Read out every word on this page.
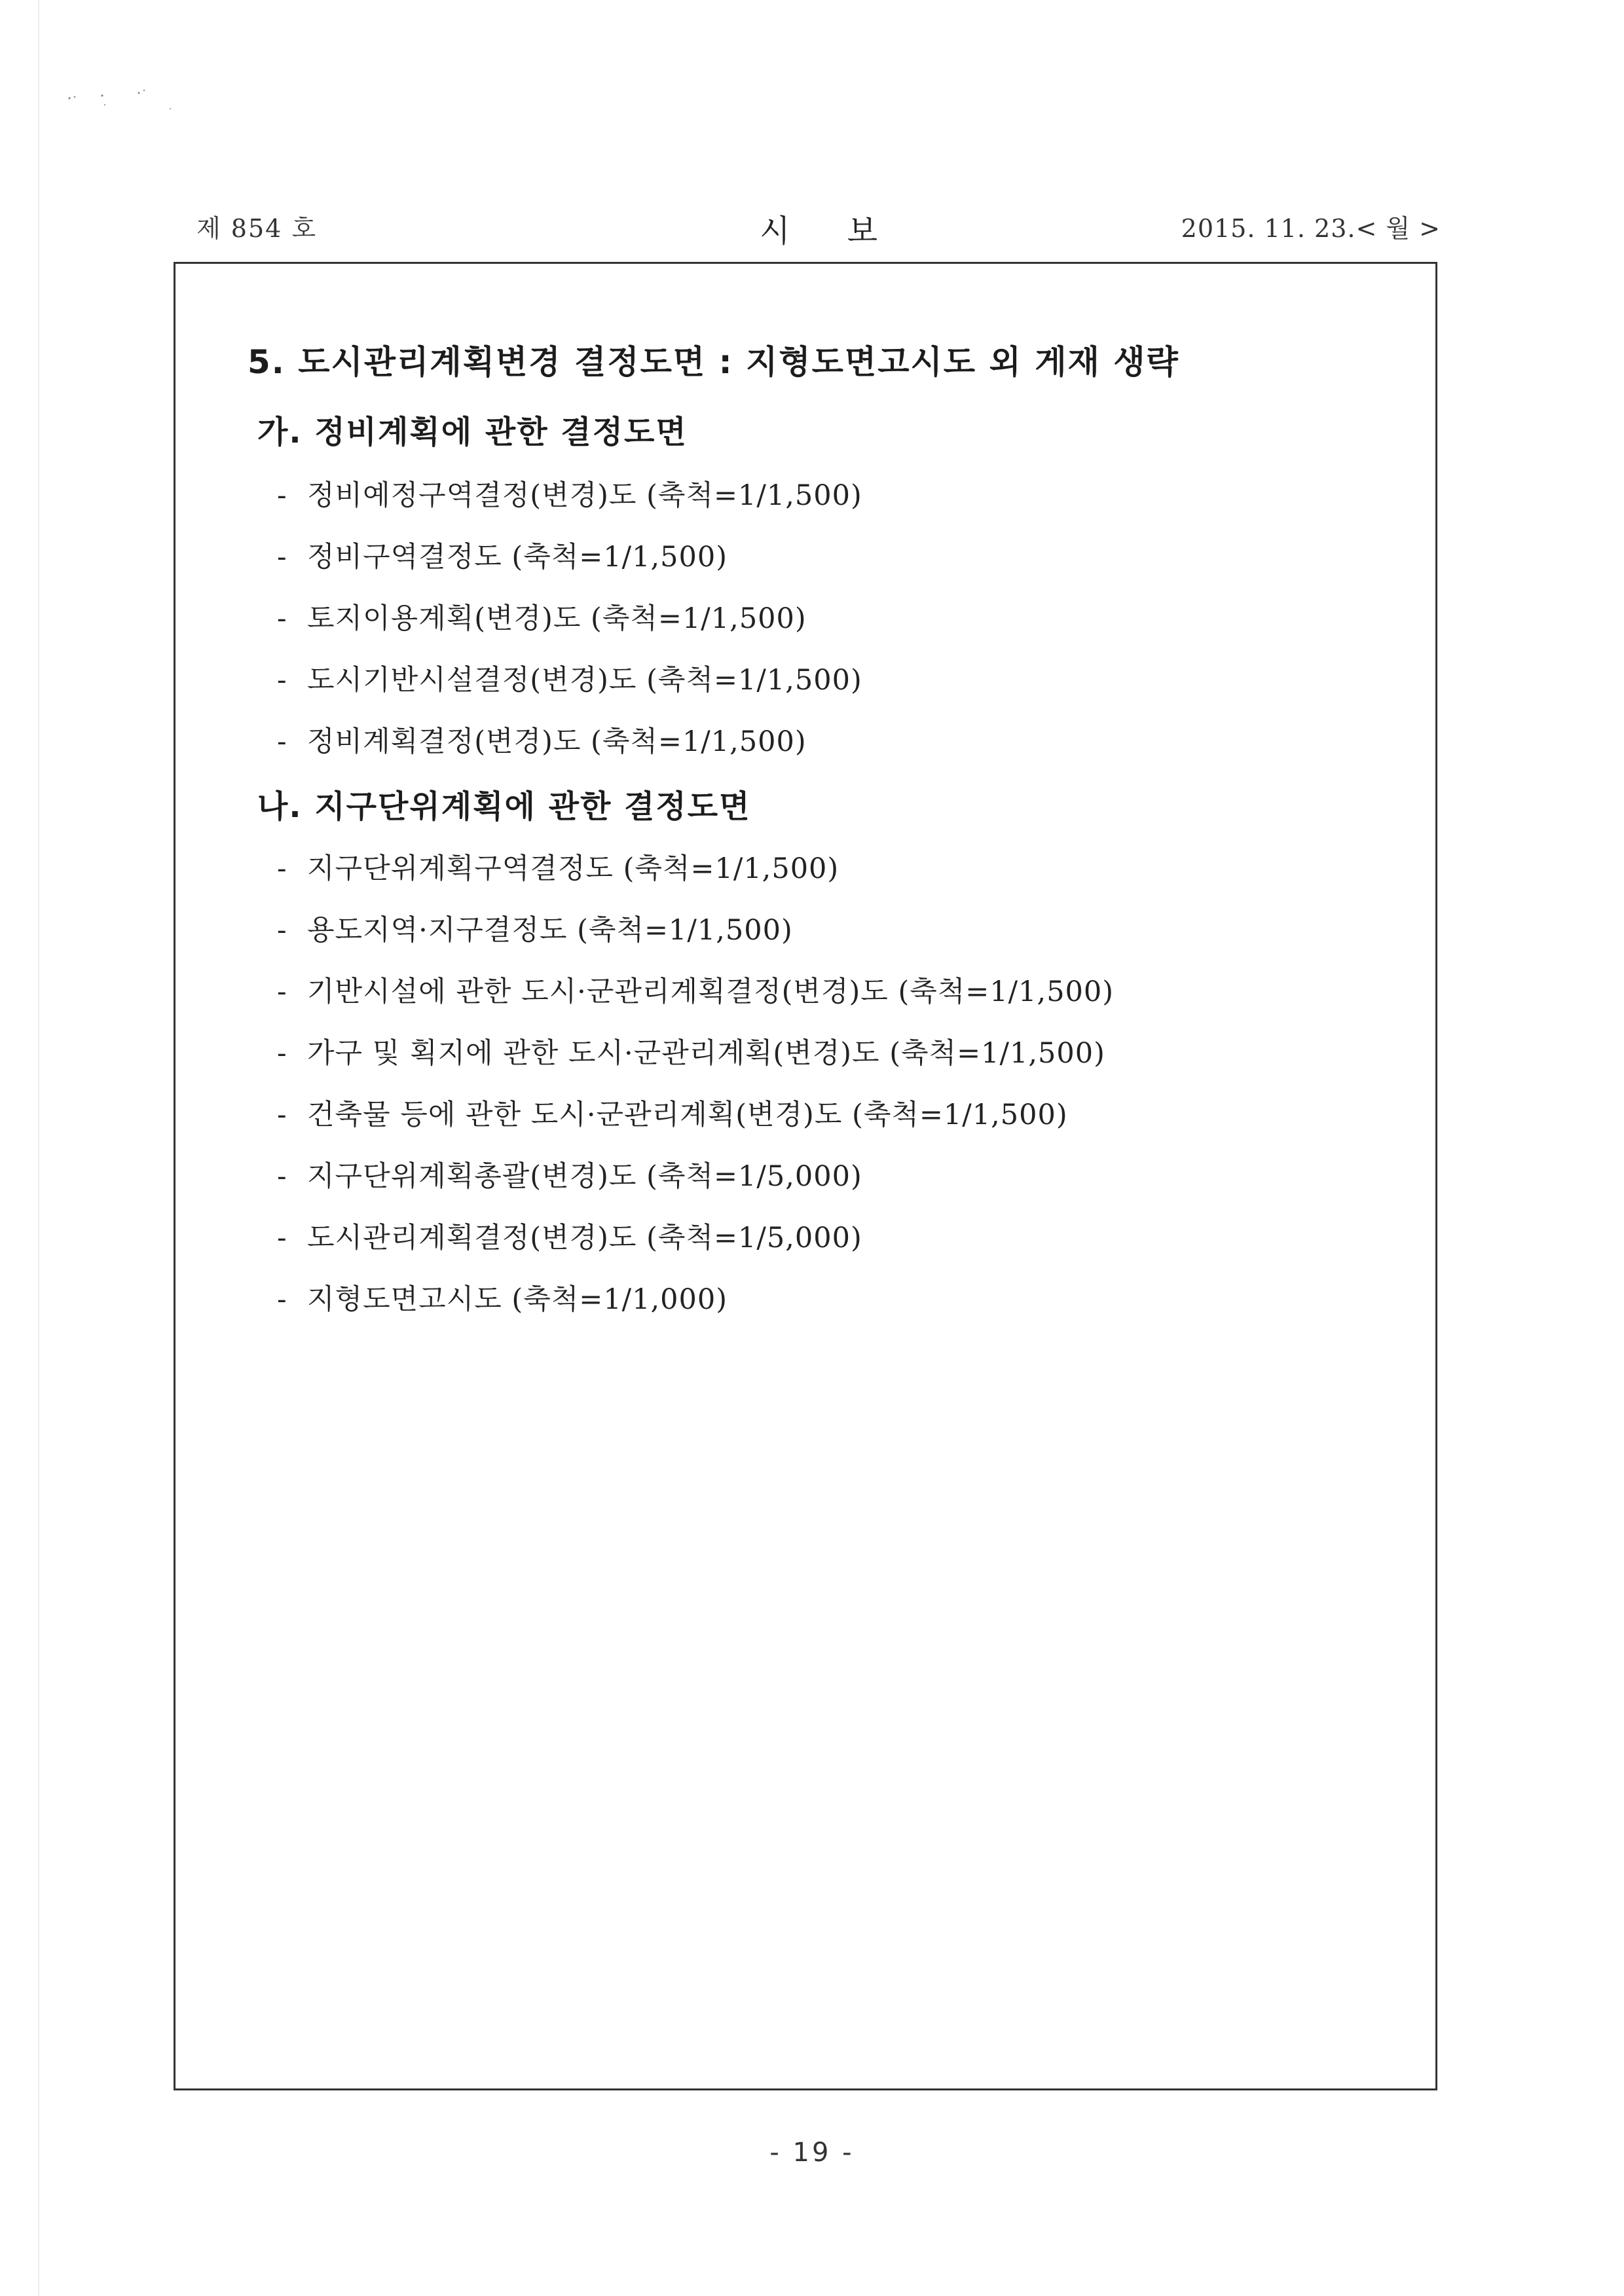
제 854 호	시 보	2015. 11. 23.< 월 >
5. 도시관리계획변경 결정도면 : 지형도면고시도 외 게재 생략
가. 정비계획에 관한 결정도면
- 정비예정구역결정(변경)도 (축척=1/1,500)
- 정비구역결정도 (축척=1/1,500)
- 토지이용계획(변경)도 (축척=1/1,500)
- 도시기반시설결정(변경)도 (축척=1/1,500)
- 정비계획결정(변경)도 (축척=1/1,500)
나. 지구단위계획에 관한 결정도면
- 지구단위계획구역결정도 (축척=1/1,500)
- 용도지역·지구결정도 (축척=1/1,500)
- 기반시설에 관한 도시·군관리계획결정(변경)도 (축척=1/1,500)
- 가구 및 획지에 관한 도시·군관리계획(변경)도 (축척=1/1,500)
- 건축물 등에 관한 도시·군관리계획(변경)도 (축척=1/1,500)
- 지구단위계획총괄(변경)도 (축척=1/5,000)
- 도시관리계획결정(변경)도 (축척=1/5,000)
- 지형도면고시도 (축척=1/1,000)
- 19 -
